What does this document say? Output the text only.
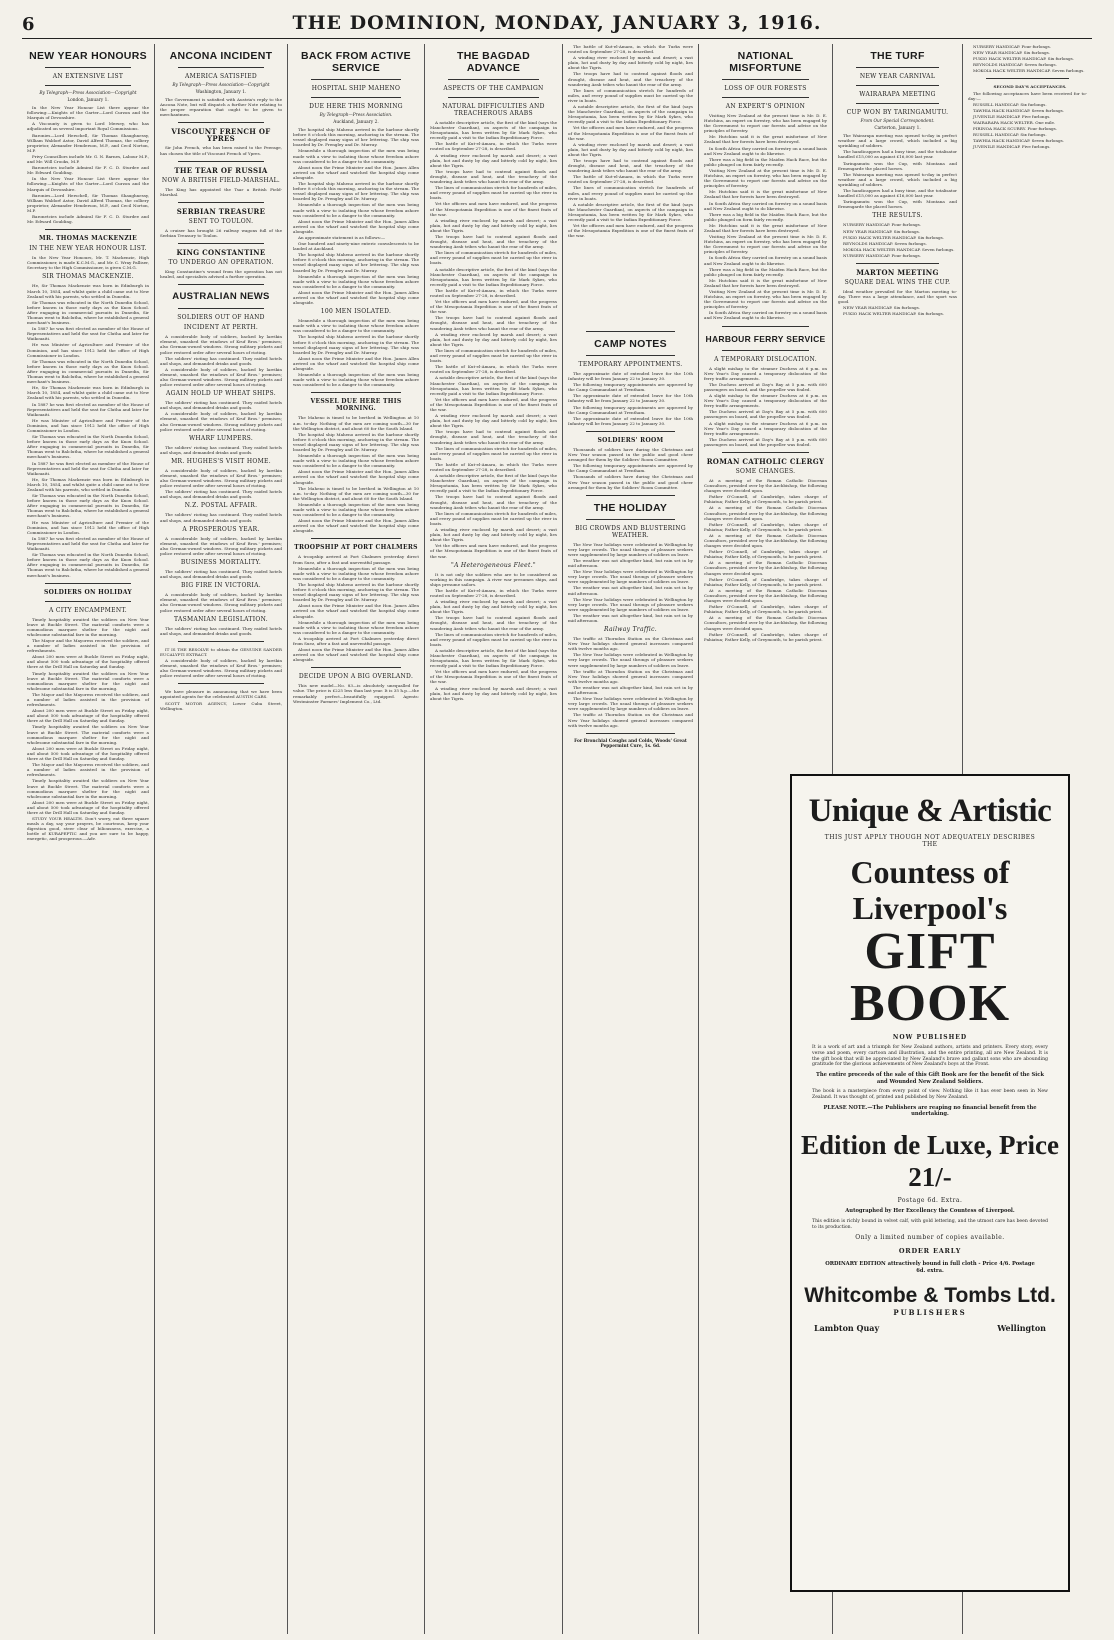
6	THE DOMINION, MONDAY, JANUARY 3, 1916.
NEW YEAR HONOURS
AN EXTENSIVE LIST
By Telegraph—Press Association—Copyright
London, January 1.

In the New Year Honour List there appear the following:—Knights of the Garter—Lord Curzon and the Marquis of Devonshire.

A Viscounty is given to Lord Mersey, who has adjudicated on several important Royal Commissions.

Baronies—Lord Herschell, Sir Thomas Shaughnessy, William Waldorf Astor, David Alfred Thomas, the colliery proprietor, Alexander Henderson, M.P., and Cecil Norton, M.P.

Privy Councillors include Mr. G. N. Barnes, Labour M.P., and Mr. Will Crooks, M.P.

Baronetcies include Admiral Sir F. C. D. Sturdee and Mr. Edward Goulding.

In the New Year Honour List there appear the following:—Knights of the Garter—Lord Curzon and the Marquis of Devonshire.

Baronies—Lord Herschell, Sir Thomas Shaughnessy, William Waldorf Astor, David Alfred Thomas, the colliery proprietor, Alexander Henderson, M.P., and Cecil Norton, M.P.

Baronetcies include Admiral Sir F. C. D. Sturdee and Mr. Edward Goulding.

MR. THOMAS MACKENZIE
IN THE NEW YEAR HONOUR LIST.

In the New Year Honours, Mr. T. Mackenzie, High Commissioner, is made K.C.M.G., and Mr. C. Wray Palliser, Secretary to the High Commissioner, is given C.M.G.

SIR THOMAS MACKENZIE.

He, Sir Thomas Mackenzie was born in Edinburgh in March 10, 1854, and whilst quite a child came out to New Zealand with his parents, who settled in Dunedin.

Sir Thomas was educated in the North Dunedin School, before known in those early days as the Knox School. After engaging in commercial pursuits in Dunedin, Sir Thomas went to Balclutha, where he established a general merchant's business.

In 1887 he was first elected as member of the House of Representatives and held the seat for Clutha and later for Waikouaiti.

He was Minister of Agriculture and Premier of the Dominion, and has since 1912 held the office of High Commissioner in London.

Sir Thomas was educated in the North Dunedin School, before known in those early days as the Knox School. After engaging in commercial pursuits in Dunedin, Sir Thomas went to Balclutha, where he established a general merchant's business.

He, Sir Thomas Mackenzie was born in Edinburgh in March 10, 1854, and whilst quite a child came out to New Zealand with his parents, who settled in Dunedin.

In 1887 he was first elected as member of the House of Representatives and held the seat for Clutha and later for Waikouaiti.

He was Minister of Agriculture and Premier of the Dominion, and has since 1912 held the office of High Commissioner in London.

Sir Thomas was educated in the North Dunedin School, before known in those early days as the Knox School. After engaging in commercial pursuits in Dunedin, Sir Thomas went to Balclutha, where he established a general merchant's business.

In 1887 he was first elected as member of the House of Representatives and held the seat for Clutha and later for Waikouaiti.

He, Sir Thomas Mackenzie was born in Edinburgh in March 10, 1854, and whilst quite a child came out to New Zealand with his parents, who settled in Dunedin.

Sir Thomas was educated in the North Dunedin School, before known in those early days as the Knox School. After engaging in commercial pursuits in Dunedin, Sir Thomas went to Balclutha, where he established a general merchant's business.

He was Minister of Agriculture and Premier of the Dominion, and has since 1912 held the office of High Commissioner in London.

In 1887 he was first elected as member of the House of Representatives and held the seat for Clutha and later for Waikouaiti.

Sir Thomas was educated in the North Dunedin School, before known in those early days as the Knox School. After engaging in commercial pursuits in Dunedin, Sir Thomas went to Balclutha, where he established a general merchant's business.

SOLDIERS ON HOLIDAY
A CITY ENCAMPMENT.

Timely hospitality awaited the soldiers on New Year leave at Buckle Street. The material comforts were a commodious marquee shelter for the night and wholesome substantial fare in the morning.

The Mayor and the Mayoress received the soldiers, and a number of ladies assisted in the provision of refreshments.

About 200 men were at Buckle Street on Friday night, and about 500 took advantage of the hospitality offered there at the Drill Hall on Saturday and Sunday.

Timely hospitality awaited the soldiers on New Year leave at Buckle Street. The material comforts were a commodious marquee shelter for the night and wholesome substantial fare in the morning.

The Mayor and the Mayoress received the soldiers, and a number of ladies assisted in the provision of refreshments.

About 200 men were at Buckle Street on Friday night, and about 500 took advantage of the hospitality offered there at the Drill Hall on Saturday and Sunday.

Timely hospitality awaited the soldiers on New Year leave at Buckle Street. The material comforts were a commodious marquee shelter for the night and wholesome substantial fare in the morning.

About 200 men were at Buckle Street on Friday night, and about 500 took advantage of the hospitality offered there at the Drill Hall on Saturday and Sunday.

The Mayor and the Mayoress received the soldiers, and a number of ladies assisted in the provision of refreshments.

Timely hospitality awaited the soldiers on New Year leave at Buckle Street. The material comforts were a commodious marquee shelter for the night and wholesome substantial fare in the morning.

About 200 men were at Buckle Street on Friday night, and about 500 took advantage of the hospitality offered there at the Drill Hall on Saturday and Sunday.

STUDY YOUR HEALTH. Don't worry, eat three square meals a day, say your prayers, be courteous, keep your digestion good, steer clear of biliousness, exercise, a bottle of KURAPEPTIC and you are sure to be happy, energetic, and prosperous.—Adv.

ANCONA INCIDENT
AMERICA SATISFIED
By Telegraph—Press Association—Copyright
Washington, January 1.

The Government is satisfied with Austria's reply to the Ancona Note, but will dispatch a further Note relating to the proper reparation that ought to be given to merchantmen.

VISCOUNT FRENCH OF YPRES

Sir John French, who has been raised to the Peerage, has chosen the title of Viscount French of Ypres.

THE TEAR OF RUSSIA
NOW A BRITISH FIELD-MARSHAL.

The King has appointed the Tsar a British Field-Marshal.

SERBIAN TREASURE
SENT TO TOULON.

A cruiser has brought 26 railway wagons full of the Serbian Treasury to Toulon.

KING CONSTANTINE
TO UNDERGO AN OPERATION.

King Constantine's wound from the operation has not healed, and specialists advised a further operation.

AUSTRALIAN NEWS
SOLDIERS OUT OF HAND
INCIDENT AT PERTH.

A considerable body of soldiers, backed by larrikin element, smashed the windows of Kruf Bros.' premises; also German-owned windows. Strong military pickets and police restored order after several hours of rioting.

The soldiers' rioting has continued. They raided hotels and shops, and demanded drinks and goods.

A considerable body of soldiers, backed by larrikin element, smashed the windows of Kruf Bros.' premises; also German-owned windows. Strong military pickets and police restored order after several hours of rioting.

AGAIN HOLD UP WHEAT SHIPS.

The soldiers' rioting has continued. They raided hotels and shops, and demanded drinks and goods.

A considerable body of soldiers, backed by larrikin element, smashed the windows of Kruf Bros.' premises; also German-owned windows. Strong military pickets and police restored order after several hours of rioting.

WHARF LUMPERS.

The soldiers' rioting has continued. They raided hotels and shops, and demanded drinks and goods.

MR. HUGHES'S VISIT HOME.

A considerable body of soldiers, backed by larrikin element, smashed the windows of Kruf Bros.' premises; also German-owned windows. Strong military pickets and police restored order after several hours of rioting.

The soldiers' rioting has continued. They raided hotels and shops, and demanded drinks and goods.

N.Z. POSTAL AFFAIR.

The soldiers' rioting has continued. They raided hotels and shops, and demanded drinks and goods.

A PROSPEROUS YEAR.

A considerable body of soldiers, backed by larrikin element, smashed the windows of Kruf Bros.' premises; also German-owned windows. Strong military pickets and police restored order after several hours of rioting.

BUSINESS MORTALITY.

The soldiers' rioting has continued. They raided hotels and shops, and demanded drinks and goods.

BIG FIRE IN VICTORIA.

A considerable body of soldiers, backed by larrikin element, smashed the windows of Kruf Bros.' premises; also German-owned windows. Strong military pickets and police restored order after several hours of rioting.

TASMANIAN LEGISLATION.

The soldiers' rioting has continued. They raided hotels and shops, and demanded drinks and goods.

IT IS THE RESOLVE to obtain the GENUINE SANDER EUCALYPTI EXTRACT.

A considerable body of soldiers, backed by larrikin element, smashed the windows of Kruf Bros.' premises; also German-owned windows. Strong military pickets and police restored order after several hours of rioting.

We have pleasure in announcing that we have been appointed agents for the celebrated AUSTIN CARS.

SCOTT MOTOR AGENCY, Lower Cuba Street, Wellington.

BACK FROM ACTIVE SERVICE
HOSPITAL SHIP MAHENO
DUE HERE THIS MORNING
By Telegraph—Press Association.
Auckland, January 2.

The hospital ship Maheno arrived in the harbour shortly before 8 o'clock this morning, anchoring in the stream. The vessel displayed many signs of her lettering. The ship was boarded by Dr. Frengley and Dr. Murray.

Meanwhile a thorough inspection of the men was being made with a view to isolating those whose freedom ashore was considered to be a danger to the community.

About noon the Prime Minister and the Hon. James Allen arrived on the wharf and watched the hospital ship come alongside.

The hospital ship Maheno arrived in the harbour shortly before 8 o'clock this morning, anchoring in the stream. The vessel displayed many signs of her lettering. The ship was boarded by Dr. Frengley and Dr. Murray.

Meanwhile a thorough inspection of the men was being made with a view to isolating those whose freedom ashore was considered to be a danger to the community.

About noon the Prime Minister and the Hon. James Allen arrived on the wharf and watched the hospital ship come alongside.

An approximate statement is as follows:—

One hundred and ninety-nine enteric convalescents to be landed at Auckland.

The hospital ship Maheno arrived in the harbour shortly before 8 o'clock this morning, anchoring in the stream. The vessel displayed many signs of her lettering. The ship was boarded by Dr. Frengley and Dr. Murray.

Meanwhile a thorough inspection of the men was being made with a view to isolating those whose freedom ashore was considered to be a danger to the community.

About noon the Prime Minister and the Hon. James Allen arrived on the wharf and watched the hospital ship come alongside.

100 MEN ISOLATED.

Meanwhile a thorough inspection of the men was being made with a view to isolating those whose freedom ashore was considered to be a danger to the community.

The hospital ship Maheno arrived in the harbour shortly before 8 o'clock this morning, anchoring in the stream. The vessel displayed many signs of her lettering. The ship was boarded by Dr. Frengley and Dr. Murray.

About noon the Prime Minister and the Hon. James Allen arrived on the wharf and watched the hospital ship come alongside.

Meanwhile a thorough inspection of the men was being made with a view to isolating those whose freedom ashore was considered to be a danger to the community.

VESSEL DUE HERE THIS MORNING.

The Maheno is timed to be berthed in Wellington at 10 a.m. to-day. Nothing of the men are coming south—30 for the Wellington district, and about 60 for the South Island.

The hospital ship Maheno arrived in the harbour shortly before 8 o'clock this morning, anchoring in the stream. The vessel displayed many signs of her lettering. The ship was boarded by Dr. Frengley and Dr. Murray.

Meanwhile a thorough inspection of the men was being made with a view to isolating those whose freedom ashore was considered to be a danger to the community.

About noon the Prime Minister and the Hon. James Allen arrived on the wharf and watched the hospital ship come alongside.

The Maheno is timed to be berthed in Wellington at 10 a.m. to-day. Nothing of the men are coming south—30 for the Wellington district, and about 60 for the South Island.

Meanwhile a thorough inspection of the men was being made with a view to isolating those whose freedom ashore was considered to be a danger to the community.

About noon the Prime Minister and the Hon. James Allen arrived on the wharf and watched the hospital ship come alongside.

TROOPSHIP AT PORT CHALMERS

A troopship arrived at Port Chalmers yesterday direct from Suez, after a fast and uneventful passage.

Meanwhile a thorough inspection of the men was being made with a view to isolating those whose freedom ashore was considered to be a danger to the community.

The hospital ship Maheno arrived in the harbour shortly before 8 o'clock this morning, anchoring in the stream. The vessel displayed many signs of her lettering. The ship was boarded by Dr. Frengley and Dr. Murray.

About noon the Prime Minister and the Hon. James Allen arrived on the wharf and watched the hospital ship come alongside.

Meanwhile a thorough inspection of the men was being made with a view to isolating those whose freedom ashore was considered to be a danger to the community.

A troopship arrived at Port Chalmers yesterday direct from Suez, after a fast and uneventful passage.

About noon the Prime Minister and the Hon. James Allen arrived on the wharf and watched the hospital ship come alongside.

DECIDE UPON A BIG OVERLAND.

This new model—No. 83—is absolutely unequalled for value. The price is £225 less than last year. It is 35 h.p.—the remarkably perfect—beautifully equipped. Agents: Westminster Farmers' Implement Co., Ltd.

THE BAGDAD ADVANCE
ASPECTS OF THE CAMPAIGN
NATURAL DIFFICULTIES AND TREACHEROUS ARABS

A notable descriptive article, the first of the kind (says the Manchester Guardian), on aspects of the campaign in Mesopotamia, has been written by Sir Mark Sykes, who recently paid a visit to the Indian Expeditionary Force.

The battle of Kut-el-Amara, in which the Turks were routed on September 27-28, is described.

A winding river enclosed by marsh and desert; a vast plain, hot and dusty by day and bitterly cold by night, lies about the Tigris.

The troops have had to contend against floods and drought, disease and heat, and the treachery of the wandering Arab tribes who haunt the rear of the army.

The lines of communication stretch for hundreds of miles, and every pound of supplies must be carried up the river in boats.

Yet the officers and men have endured, and the progress of the Mesopotamia Expedition is one of the finest feats of the war.

A winding river enclosed by marsh and desert; a vast plain, hot and dusty by day and bitterly cold by night, lies about the Tigris.

The troops have had to contend against floods and drought, disease and heat, and the treachery of the wandering Arab tribes who haunt the rear of the army.

The lines of communication stretch for hundreds of miles, and every pound of supplies must be carried up the river in boats.

A notable descriptive article, the first of the kind (says the Manchester Guardian), on aspects of the campaign in Mesopotamia, has been written by Sir Mark Sykes, who recently paid a visit to the Indian Expeditionary Force.

The battle of Kut-el-Amara, in which the Turks were routed on September 27-28, is described.

Yet the officers and men have endured, and the progress of the Mesopotamia Expedition is one of the finest feats of the war.

The troops have had to contend against floods and drought, disease and heat, and the treachery of the wandering Arab tribes who haunt the rear of the army.

A winding river enclosed by marsh and desert; a vast plain, hot and dusty by day and bitterly cold by night, lies about the Tigris.

The lines of communication stretch for hundreds of miles, and every pound of supplies must be carried up the river in boats.

The battle of Kut-el-Amara, in which the Turks were routed on September 27-28, is described.

A notable descriptive article, the first of the kind (says the Manchester Guardian), on aspects of the campaign in Mesopotamia, has been written by Sir Mark Sykes, who recently paid a visit to the Indian Expeditionary Force.

Yet the officers and men have endured, and the progress of the Mesopotamia Expedition is one of the finest feats of the war.

A winding river enclosed by marsh and desert; a vast plain, hot and dusty by day and bitterly cold by night, lies about the Tigris.

The troops have had to contend against floods and drought, disease and heat, and the treachery of the wandering Arab tribes who haunt the rear of the army.

The lines of communication stretch for hundreds of miles, and every pound of supplies must be carried up the river in boats.

The battle of Kut-el-Amara, in which the Turks were routed on September 27-28, is described.

A notable descriptive article, the first of the kind (says the Manchester Guardian), on aspects of the campaign in Mesopotamia, has been written by Sir Mark Sykes, who recently paid a visit to the Indian Expeditionary Force.

The troops have had to contend against floods and drought, disease and heat, and the treachery of the wandering Arab tribes who haunt the rear of the army.

The lines of communication stretch for hundreds of miles, and every pound of supplies must be carried up the river in boats.

A winding river enclosed by marsh and desert; a vast plain, hot and dusty by day and bitterly cold by night, lies about the Tigris.

Yet the officers and men have endured, and the progress of the Mesopotamia Expedition is one of the finest feats of the war.

"A Heterogeneous Fleet."

It is not only the soldiers who are to be considered as working in this campaign. A river war presumes ships, and ships presume sailors.

The battle of Kut-el-Amara, in which the Turks were routed on September 27-28, is described.

A winding river enclosed by marsh and desert; a vast plain, hot and dusty by day and bitterly cold by night, lies about the Tigris.

The troops have had to contend against floods and drought, disease and heat, and the treachery of the wandering Arab tribes who haunt the rear of the army.

The lines of communication stretch for hundreds of miles, and every pound of supplies must be carried up the river in boats.

A notable descriptive article, the first of the kind (says the Manchester Guardian), on aspects of the campaign in Mesopotamia, has been written by Sir Mark Sykes, who recently paid a visit to the Indian Expeditionary Force.

Yet the officers and men have endured, and the progress of the Mesopotamia Expedition is one of the finest feats of the war.

A winding river enclosed by marsh and desert; a vast plain, hot and dusty by day and bitterly cold by night, lies about the Tigris.

The battle of Kut-el-Amara, in which the Turks were routed on September 27-28, is described.

A winding river enclosed by marsh and desert; a vast plain, hot and dusty by day and bitterly cold by night, lies about the Tigris.

The troops have had to contend against floods and drought, disease and heat, and the treachery of the wandering Arab tribes who haunt the rear of the army.

The lines of communication stretch for hundreds of miles, and every pound of supplies must be carried up the river in boats.

A notable descriptive article, the first of the kind (says the Manchester Guardian), on aspects of the campaign in Mesopotamia, has been written by Sir Mark Sykes, who recently paid a visit to the Indian Expeditionary Force.

Yet the officers and men have endured, and the progress of the Mesopotamia Expedition is one of the finest feats of the war.

A winding river enclosed by marsh and desert; a vast plain, hot and dusty by day and bitterly cold by night, lies about the Tigris.

The troops have had to contend against floods and drought, disease and heat, and the treachery of the wandering Arab tribes who haunt the rear of the army.

The battle of Kut-el-Amara, in which the Turks were routed on September 27-28, is described.

The lines of communication stretch for hundreds of miles, and every pound of supplies must be carried up the river in boats.

A notable descriptive article, the first of the kind (says the Manchester Guardian), on aspects of the campaign in Mesopotamia, has been written by Sir Mark Sykes, who recently paid a visit to the Indian Expeditionary Force.

Yet the officers and men have endured, and the progress of the Mesopotamia Expedition is one of the finest feats of the war.

CAMP NOTES
TEMPORARY APPOINTMENTS.

The approximate date of extended leave for the 10th Infantry will be from January 22 to January 30.

The following temporary appointments are approved by the Camp Commandant at Trentham.

The approximate date of extended leave for the 10th Infantry will be from January 22 to January 30.

The following temporary appointments are approved by the Camp Commandant at Trentham.

The approximate date of extended leave for the 10th Infantry will be from January 22 to January 30.

SOLDIERS' ROOM

Thousands of soldiers have during the Christmas and New Year season passed in the public and good cheer arranged for them by the Soldiers' Room Committee.

The following temporary appointments are approved by the Camp Commandant at Trentham.

Thousands of soldiers have during the Christmas and New Year season passed in the public and good cheer arranged for them by the Soldiers' Room Committee.

THE HOLIDAY
BIG CROWDS AND BLUSTERING WEATHER.

The New Year holidays were celebrated in Wellington by very large crowds. The usual throngs of pleasure seekers were supplemented by large numbers of soldiers on leave.

The weather was not altogether kind, but rain set in by mid afternoon.

The New Year holidays were celebrated in Wellington by very large crowds. The usual throngs of pleasure seekers were supplemented by large numbers of soldiers on leave.

The weather was not altogether kind, but rain set in by mid afternoon.

The New Year holidays were celebrated in Wellington by very large crowds. The usual throngs of pleasure seekers were supplemented by large numbers of soldiers on leave.

The weather was not altogether kind, but rain set in by mid afternoon.

Railway Traffic.

The traffic at Thorndon Station on the Christmas and New Year holidays showed general increases compared with twelve months ago.

The New Year holidays were celebrated in Wellington by very large crowds. The usual throngs of pleasure seekers were supplemented by large numbers of soldiers on leave.

The traffic at Thorndon Station on the Christmas and New Year holidays showed general increases compared with twelve months ago.

The weather was not altogether kind, but rain set in by mid afternoon.

The New Year holidays were celebrated in Wellington by very large crowds. The usual throngs of pleasure seekers were supplemented by large numbers of soldiers on leave.

The traffic at Thorndon Station on the Christmas and New Year holidays showed general increases compared with twelve months ago.

For Bronchial Coughs and Colds, Woods' Great Peppermint Cure, 1s. 6d.
NATIONAL MISFORTUNE
LOSS OF OUR FORESTS
AN EXPERT'S OPINION

Visiting New Zealand at the present time is Mr. D. E. Hutchins, an expert on forestry, who has been engaged by the Government to report our forests and advise on the principles of forestry.

Mr. Hutchins said it is the great misfortune of New Zealand that her forests have been destroyed.

In South Africa they carried on forestry on a sound basis and New Zealand ought to do likewise.

There was a big field in the Maiden Hack Race, but the public plunged on form fairly recently.

Visiting New Zealand at the present time is Mr. D. E. Hutchins, an expert on forestry, who has been engaged by the Government to report our forests and advise on the principles of forestry.

Mr. Hutchins said it is the great misfortune of New Zealand that her forests have been destroyed.

In South Africa they carried on forestry on a sound basis and New Zealand ought to do likewise.

There was a big field in the Maiden Hack Race, but the public plunged on form fairly recently.

Mr. Hutchins said it is the great misfortune of New Zealand that her forests have been destroyed.

Visiting New Zealand at the present time is Mr. D. E. Hutchins, an expert on forestry, who has been engaged by the Government to report our forests and advise on the principles of forestry.

In South Africa they carried on forestry on a sound basis and New Zealand ought to do likewise.

There was a big field in the Maiden Hack Race, but the public plunged on form fairly recently.

Mr. Hutchins said it is the great misfortune of New Zealand that her forests have been destroyed.

Visiting New Zealand at the present time is Mr. D. E. Hutchins, an expert on forestry, who has been engaged by the Government to report our forests and advise on the principles of forestry.

In South Africa they carried on forestry on a sound basis and New Zealand ought to do likewise.

HARBOUR FERRY SERVICE
A TEMPORARY DISLOCATION.

A slight mishap to the steamer Duchess at 6 p.m. on New Year's Day caused a temporary dislocation of the ferry traffic arrangements.

The Duchess arrived at Day's Bay at 5 p.m. with 600 passengers on board, and the propeller was fouled.

A slight mishap to the steamer Duchess at 6 p.m. on New Year's Day caused a temporary dislocation of the ferry traffic arrangements.

The Duchess arrived at Day's Bay at 5 p.m. with 600 passengers on board, and the propeller was fouled.

A slight mishap to the steamer Duchess at 6 p.m. on New Year's Day caused a temporary dislocation of the ferry traffic arrangements.

The Duchess arrived at Day's Bay at 5 p.m. with 600 passengers on board, and the propeller was fouled.

ROMAN CATHOLIC CLERGY
SOME CHANGES.

At a meeting of the Roman Catholic Diocesan Consultors, presided over by the Archbishop, the following changes were decided upon.

Father O'Connell, of Cambridge, takes charge of Pahiatua; Father Kelly, of Greymouth, to be parish priest.

At a meeting of the Roman Catholic Diocesan Consultors, presided over by the Archbishop, the following changes were decided upon.

Father O'Connell, of Cambridge, takes charge of Pahiatua; Father Kelly, of Greymouth, to be parish priest.

At a meeting of the Roman Catholic Diocesan Consultors, presided over by the Archbishop, the following changes were decided upon.

Father O'Connell, of Cambridge, takes charge of Pahiatua; Father Kelly, of Greymouth, to be parish priest.

At a meeting of the Roman Catholic Diocesan Consultors, presided over by the Archbishop, the following changes were decided upon.

Father O'Connell, of Cambridge, takes charge of Pahiatua; Father Kelly, of Greymouth, to be parish priest.

At a meeting of the Roman Catholic Diocesan Consultors, presided over by the Archbishop, the following changes were decided upon.

Father O'Connell, of Cambridge, takes charge of Pahiatua; Father Kelly, of Greymouth, to be parish priest.

At a meeting of the Roman Catholic Diocesan Consultors, presided over by the Archbishop, the following changes were decided upon.

Father O'Connell, of Cambridge, takes charge of Pahiatua; Father Kelly, of Greymouth, to be parish priest.

THE TURF
NEW YEAR CARNIVAL
WAIRARAPA MEETING
CUP WON BY TARINGAMUTU.
From Our Special Correspondent.
Carterton, January 1.

The Wairarapa meeting was opened to-day in perfect weather and a large crowd, which included a big sprinkling of soldiers.

The handicappers had a busy time, and the totalisator handled £15,000 as against £16,000 last year.

Taringamutu won the Cup, with Montana and Ermengarde the placed horses.

The Wairarapa meeting was opened to-day in perfect weather and a large crowd, which included a big sprinkling of soldiers.

The handicappers had a busy time, and the totalisator handled £15,000 as against £16,000 last year.

Taringamutu won the Cup, with Montana and Ermengarde the placed horses.

THE RESULTS.

NURSERY HANDICAP. Four furlongs.

NEW YEAR HANDICAP. Six furlongs.

PUKIO HACK WELTER HANDICAP. Six furlongs.

REYNOLDS HANDICAP. Seven furlongs.

MOKOIA HACK WELTER HANDICAP. Seven furlongs.

NURSERY HANDICAP. Four furlongs.

MARTON MEETING
SQUARE DEAL WINS THE CUP.

Ideal weather prevailed for the Marton meeting to-day. There was a large attendance, and the sport was good.

NEW YEAR HANDICAP. Six furlongs.

PUKIO HACK WELTER HANDICAP. Six furlongs.

NURSERY HANDICAP. Four furlongs.

NEW YEAR HANDICAP. Six furlongs.

PUKIO HACK WELTER HANDICAP. Six furlongs.

REYNOLDS HANDICAP. Seven furlongs.

MOKOIA HACK WELTER HANDICAP. Seven furlongs.

SECOND DAY'S ACCEPTANCES.

The following acceptances have been received for to-day:—

RUSSELL HANDICAP. Six furlongs.

TAWHIA HACK HANDICAP. Seven furlongs.

JUVENILE HANDICAP. Five furlongs.

WAIRARAPA HACK WELTER. One mile.

PIRINOA HACK SCURRY. Four furlongs.

RUSSELL HANDICAP. Six furlongs.

TAWHIA HACK HANDICAP. Seven furlongs.

JUVENILE HANDICAP. Five furlongs.

Unique & Artistic
THIS JUST APPLY THOUGH NOT ADEQUATELY DESCRIBES THE
Countess of Liverpool's
GIFT BOOK
NOW PUBLISHED
It is a work of art and a triumph for New Zealand authors, artists and printers. Every story, every verse and poem, every cartoon and illustration, and the entire printing, all are New Zealand. It is the gift book that will be appreciated by New Zealand's brave and gallant sons who are abounding gratitude for the glorious achievements of New Zealand's boys at the Front.
The entire proceeds of the sale of this Gift Book are for the benefit of the Sick and Wounded New Zealand Soldiers.
The book is a masterpiece from every point of view. Nothing like it has ever been seen in New Zealand. It was thought of, printed and published by New Zealand.
PLEASE NOTE.—The Publishers are reaping no financial benefit from the undertaking.
Edition de Luxe, Price 21/-
Postage 6d. Extra.
Autographed by Her Excellency the Countess of Liverpool.
This edition is richly bound in velvet calf, with gold lettering, and the utmost care has been devoted to its production.
Only a limited number of copies available.
ORDER EARLY
ORDINARY EDITION attractively bound in full cloth - Price 4/6. Postage 6d. extra.
Whitcombe & Tombs Ltd.
PUBLISHERS
Lambton Quay	Wellington
